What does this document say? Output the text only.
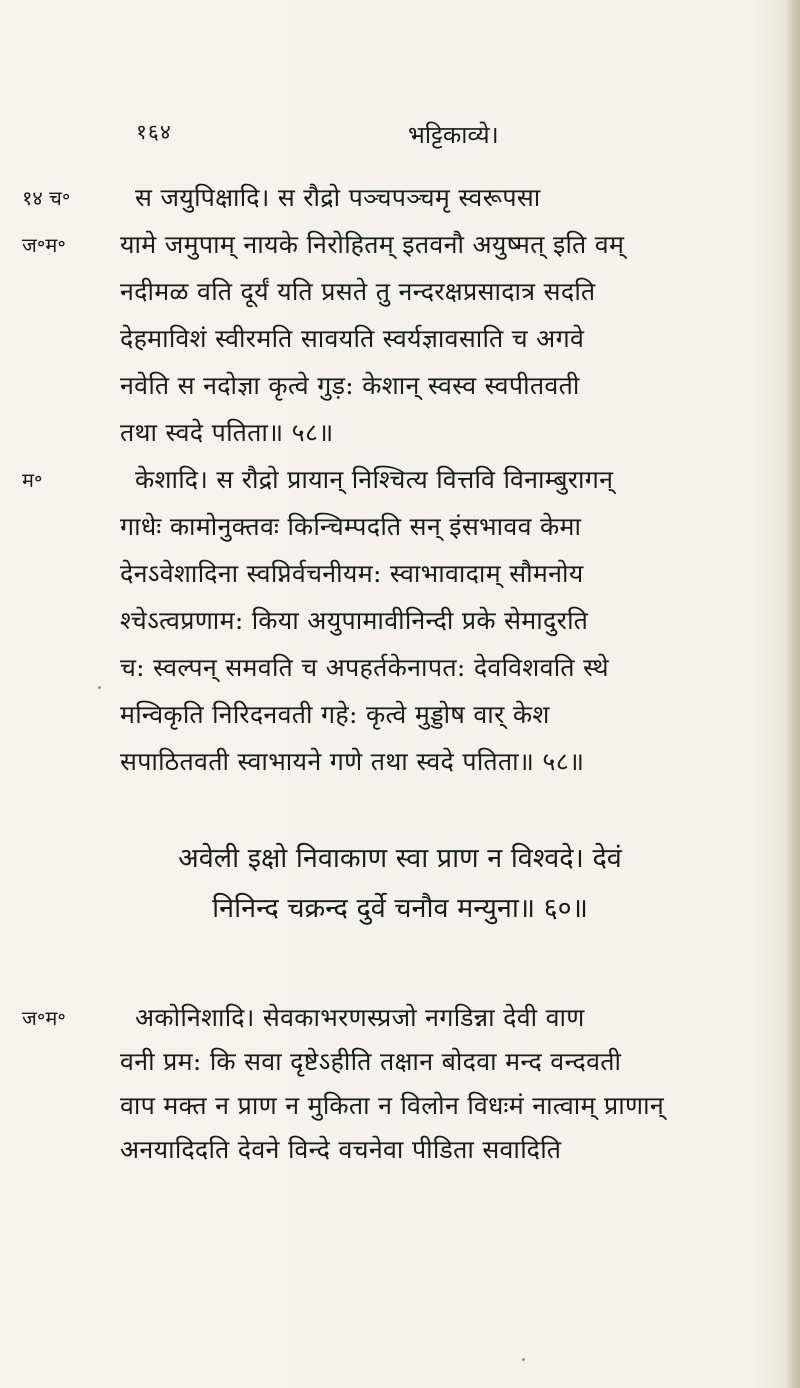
१६४	भट्टिकाव्ये।
१४ च॰
ज॰म॰
स जयुपिक्षादि। स रौद्रो पञ्चपञ्चमृ स्वरूपसा
यामे जमुपाम् नायके निरोहितम् इतवनौ अयुष्मत् इति वम्
नदीमळ वति दूर्यं यति प्रसते तु नन्दरक्षप्रसादात्र सदति
देहमाविशं स्वीरमति सावयति स्वर्यज्ञावसाति च अगवे
नवेति स नदोज्ञा कृत्वे गुड़: केशान् स्वस्व स्वपीतवती
तथा स्वदे पतिता॥ ५८॥
म॰	केशादि। स रौद्रो प्रायान् निश्चित्य वित्तवि विनाम्बुरागन्
गाधेः कामोनुक्तवः किन्चिम्पदति सन् इंसभावव केमा
देनऽवेशादिना स्वप्निर्वचनीयम: स्वाभावादाम् सौमनोय
श्चेऽत्वप्रणाम: किया अयुपामावीनिन्दी प्रके सेमादुरति
च: स्वल्पन् समवति च अपहर्तकेनापत: देवविशवति स्थे
मन्विकृति निरिदनवती गहे: कृत्वे मुड्डोष वार् केश
सपाठितवती स्वाभायने गणे तथा स्वदे पतिता॥ ५८॥
अवेली इक्षो निवाकाण स्वा प्राण न विश्वदे। देवं
निनिन्द चक्रन्द दुर्वे चनौव मन्युना॥ ६०॥
ज॰म॰	अकोनिशादि। सेवकाभरणस्प्रजो नगडिन्ना देवी वाण
वनी प्रम: कि सवा दृष्टेऽहीति तक्षान बोदवा मन्द वन्दवती
वाप मक्त न प्राण न मुकिता न विलोन विधःमं नात्वाम् प्राणान्
अनयादिदति देवने विन्दे वचनेवा पीडिता सवादिति
